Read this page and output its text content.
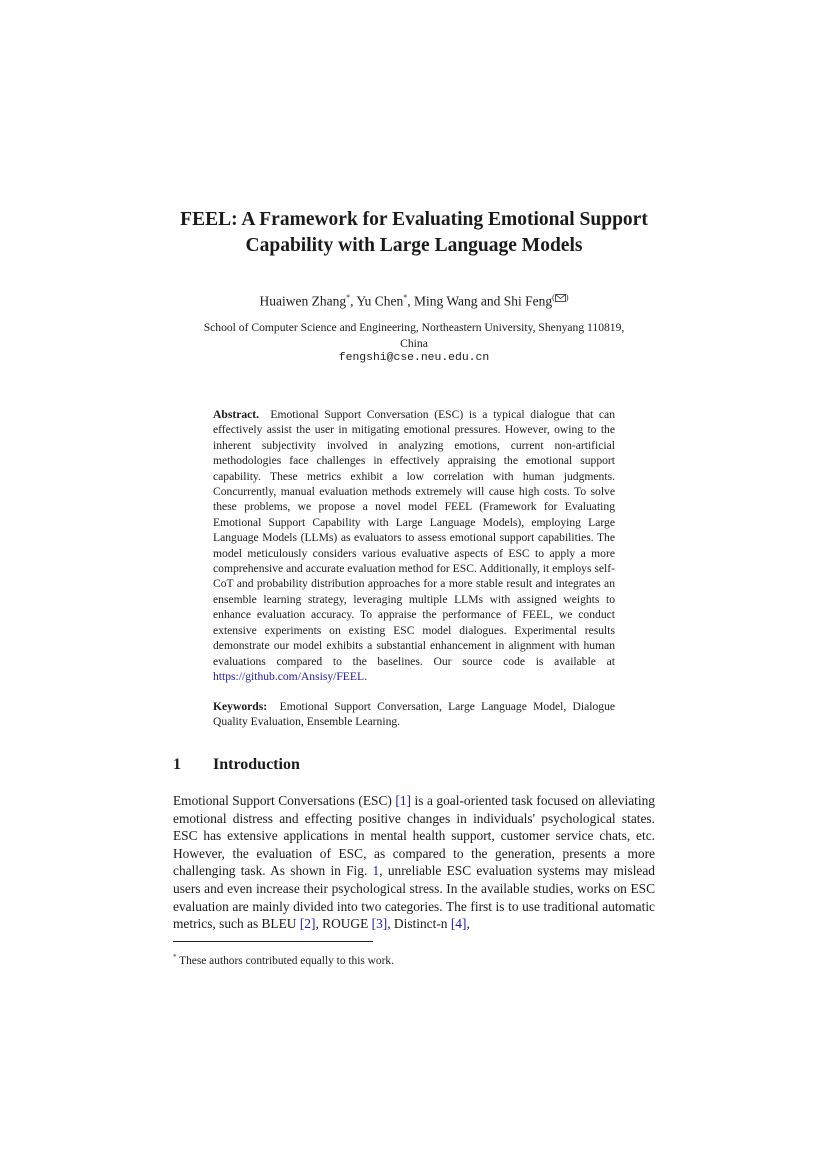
FEEL: A Framework for Evaluating Emotional Support
Capability with Large Language Models
Huaiwen Zhang*, Yu Chen*, Ming Wang and Shi Feng( )
School of Computer Science and Engineering, Northeastern University, Shenyang 110819,
China
fengshi@cse.neu.edu.cn
Abstract. Emotional Support Conversation (ESC) is a typical dialogue that can effectively assist the user in mitigating emotional pressures. However, owing to the inherent subjectivity involved in analyzing emotions, current non-artificial methodologies face challenges in effectively appraising the emotional support capability. These metrics exhibit a low correlation with human judgments. Concurrently, manual evaluation methods extremely will cause high costs. To solve these problems, we propose a novel model FEEL (Framework for Evaluating Emotional Support Capability with Large Language Models), employing Large Language Models (LLMs) as evaluators to assess emotional support capabilities. The model meticulously considers various evaluative aspects of ESC to apply a more comprehensive and accurate evaluation method for ESC. Additionally, it employs self-CoT and probability distribution approaches for a more stable result and integrates an ensemble learning strategy, leveraging multiple LLMs with assigned weights to enhance evaluation accuracy. To appraise the performance of FEEL, we conduct extensive experiments on existing ESC model dialogues. Experimental results demonstrate our model exhibits a substantial enhancement in alignment with human evaluations compared to the baselines. Our source code is available at https://github.com/Ansisy/FEEL.
Keywords: Emotional Support Conversation, Large Language Model, Dialogue Quality Evaluation, Ensemble Learning.
1 Introduction
Emotional Support Conversations (ESC) [1] is a goal-oriented task focused on alleviating emotional distress and effecting positive changes in individuals' psychological states. ESC has extensive applications in mental health support, customer service chats, etc. However, the evaluation of ESC, as compared to the generation, presents a more challenging task. As shown in Fig. 1, unreliable ESC evaluation systems may mislead users and even increase their psychological stress. In the available studies, works on ESC evaluation are mainly divided into two categories. The first is to use traditional automatic metrics, such as BLEU [2], ROUGE [3], Distinct-n [4],
* These authors contributed equally to this work.
